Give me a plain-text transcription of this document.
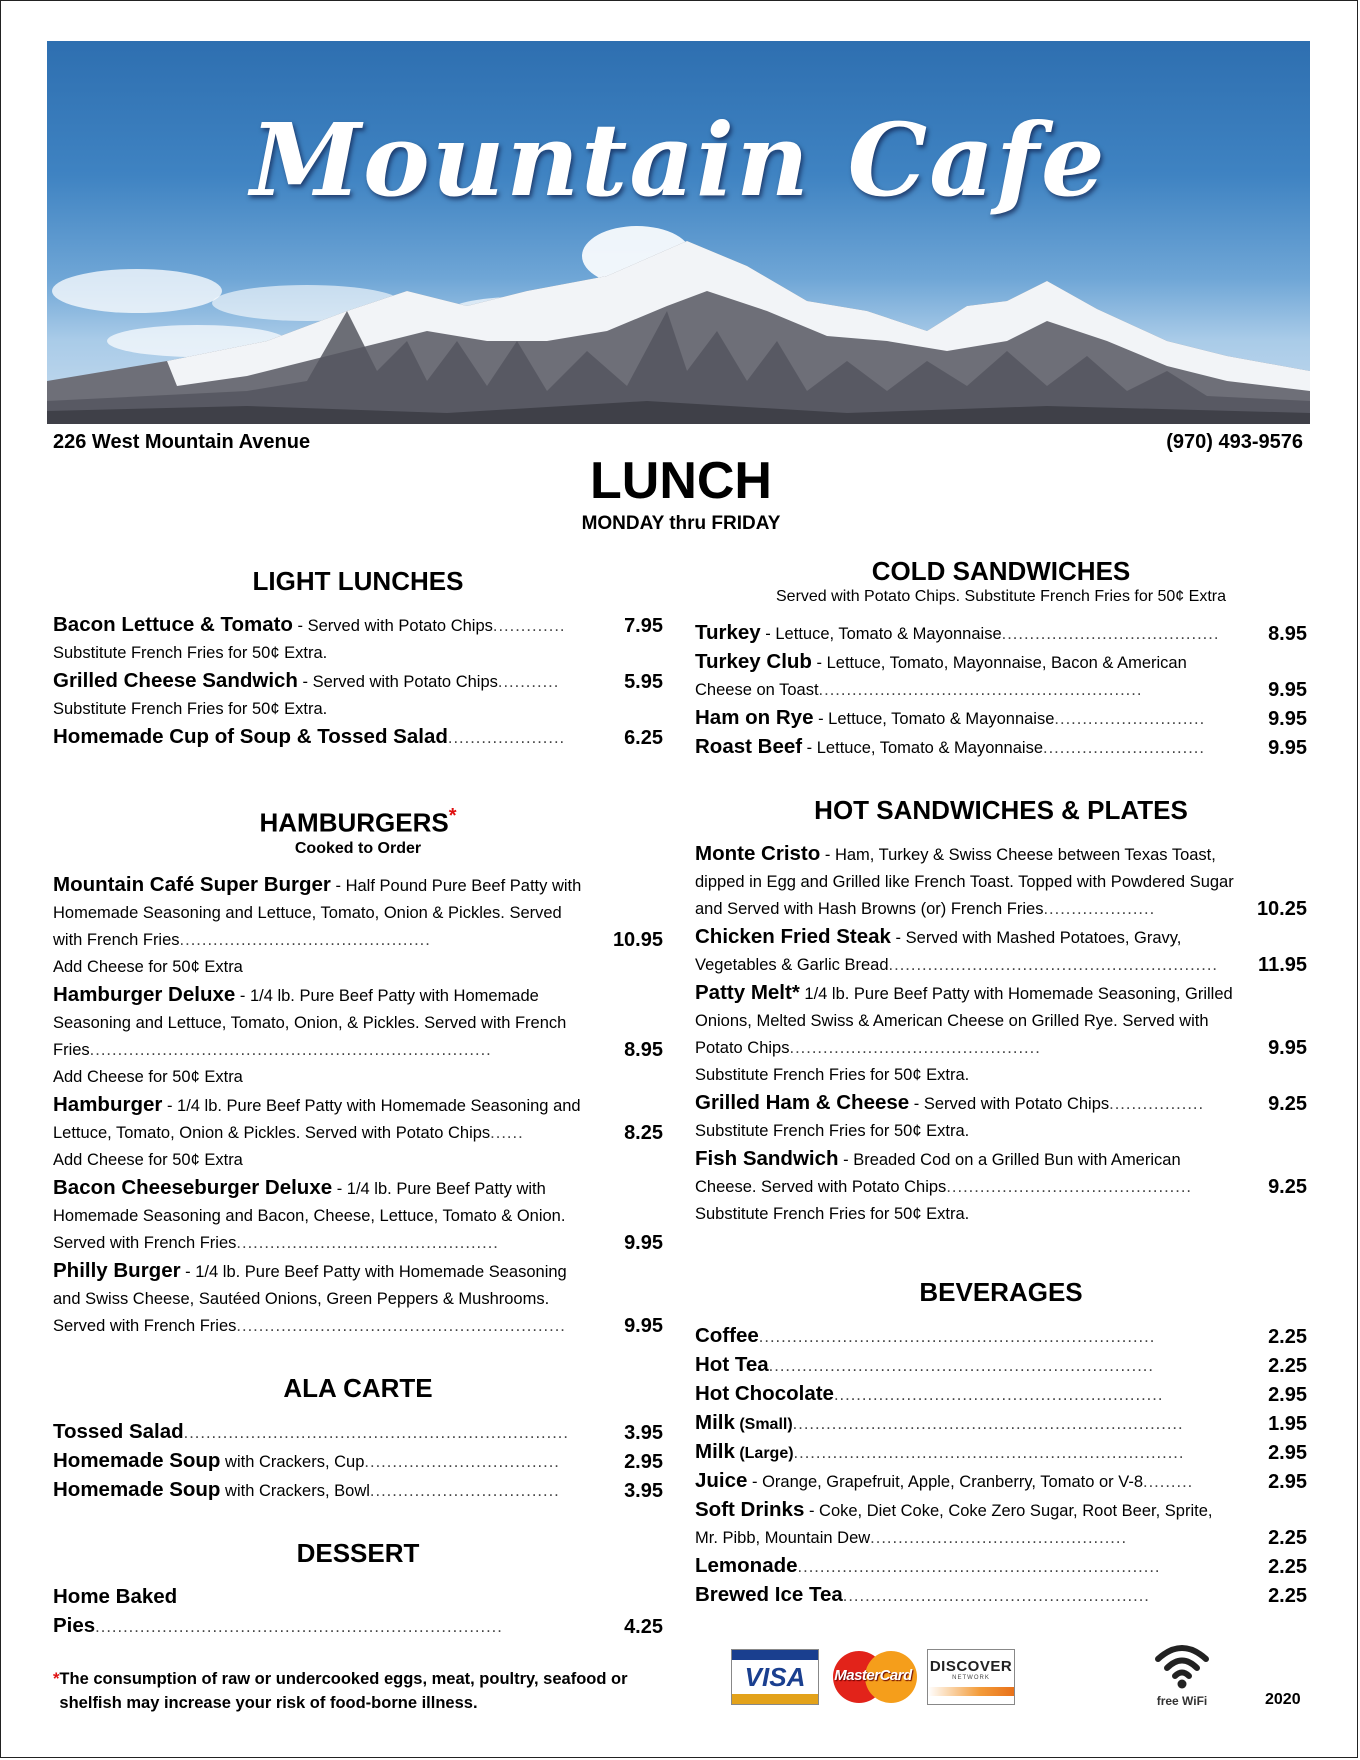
Mountain Cafe
226 West Mountain Avenue	(970) 493-9576
LUNCH
MONDAY thru FRIDAY
LIGHT LUNCHES
Bacon Lettuce & Tomato - Served with Potato Chips.............	7.95
Substitute French Fries for 50¢ Extra.
Grilled Cheese Sandwich - Served with Potato Chips...........	5.95
Substitute French Fries for 50¢ Extra.
Homemade Cup of Soup & Tossed Salad.....................	6.25
HAMBURGERS*
Cooked to Order
Mountain Café Super Burger - Half Pound Pure Beef Patty with Homemade Seasoning and Lettuce, Tomato, Onion & Pickles. Served with French Fries.............................................	10.95
Add Cheese for 50¢ Extra
Hamburger Deluxe - 1/4 lb. Pure Beef Patty with Homemade Seasoning and Lettuce, Tomato, Onion, & Pickles. Served with French Fries........................................................................	8.95
Add Cheese for 50¢ Extra
Hamburger - 1/4 lb. Pure Beef Patty with Homemade Seasoning and Lettuce, Tomato, Onion & Pickles. Served with Potato Chips......	8.25
Add Cheese for 50¢ Extra
Bacon Cheeseburger Deluxe - 1/4 lb. Pure Beef Patty with Homemade Seasoning and Bacon, Cheese, Lettuce, Tomato & Onion. Served with French Fries...............................................	9.95
Philly Burger - 1/4 lb. Pure Beef Patty with Homemade Seasoning and Swiss Cheese, Sautéed Onions, Green Peppers & Mushrooms. Served with French Fries...........................................................	9.95
ALA CARTE
Tossed Salad.....................................................................	3.95
Homemade Soup with Crackers, Cup...................................	2.95
Homemade Soup with Crackers, Bowl..................................	3.95
DESSERT
Home Baked Pies.........................................................................	4.25
COLD SANDWICHES
Served with Potato Chips. Substitute French Fries for 50¢ Extra
Turkey - Lettuce, Tomato & Mayonnaise.......................................	8.95
Turkey Club - Lettuce, Tomato, Mayonnaise, Bacon & American Cheese on Toast..........................................................	9.95
Ham on Rye - Lettuce, Tomato & Mayonnaise...........................	9.95
Roast Beef - Lettuce, Tomato & Mayonnaise.............................	9.95
HOT SANDWICHES & PLATES
Monte Cristo - Ham, Turkey & Swiss Cheese between Texas Toast, dipped in Egg and Grilled like French Toast. Topped with Powdered Sugar and Served with Hash Browns (or) French Fries....................	10.25
Chicken Fried Steak - Served with Mashed Potatoes, Gravy, Vegetables & Garlic Bread...........................................................	11.95
Patty Melt* 1/4 lb. Pure Beef Patty with Homemade Seasoning, Grilled Onions, Melted Swiss & American Cheese on Grilled Rye. Served with Potato Chips.............................................	9.95
Substitute French Fries for 50¢ Extra.
Grilled Ham & Cheese - Served with Potato Chips.................	9.25
Substitute French Fries for 50¢ Extra.
Fish Sandwich - Breaded Cod on a Grilled Bun with American Cheese. Served with Potato Chips............................................	9.25
Substitute French Fries for 50¢ Extra.
BEVERAGES
Coffee.......................................................................	2.25
Hot Tea.....................................................................	2.25
Hot Chocolate...........................................................	2.95
Milk (Small)......................................................................	1.95
Milk (Large)......................................................................	2.95
Juice - Orange, Grapefruit, Apple, Cranberry, Tomato or V-8.........	2.95
Soft Drinks - Coke, Diet Coke, Coke Zero Sugar, Root Beer, Sprite, Mr. Pibb, Mountain Dew..............................................	2.25
Lemonade.................................................................	2.25
Brewed Ice Tea.......................................................	2.25
*The consumption of raw or undercooked eggs, meat, poultry, seafood or shelfish may increase your risk of food-borne illness.
VISA	MasterCard
DISCOVER
NETWORK
free WiFi	2020
